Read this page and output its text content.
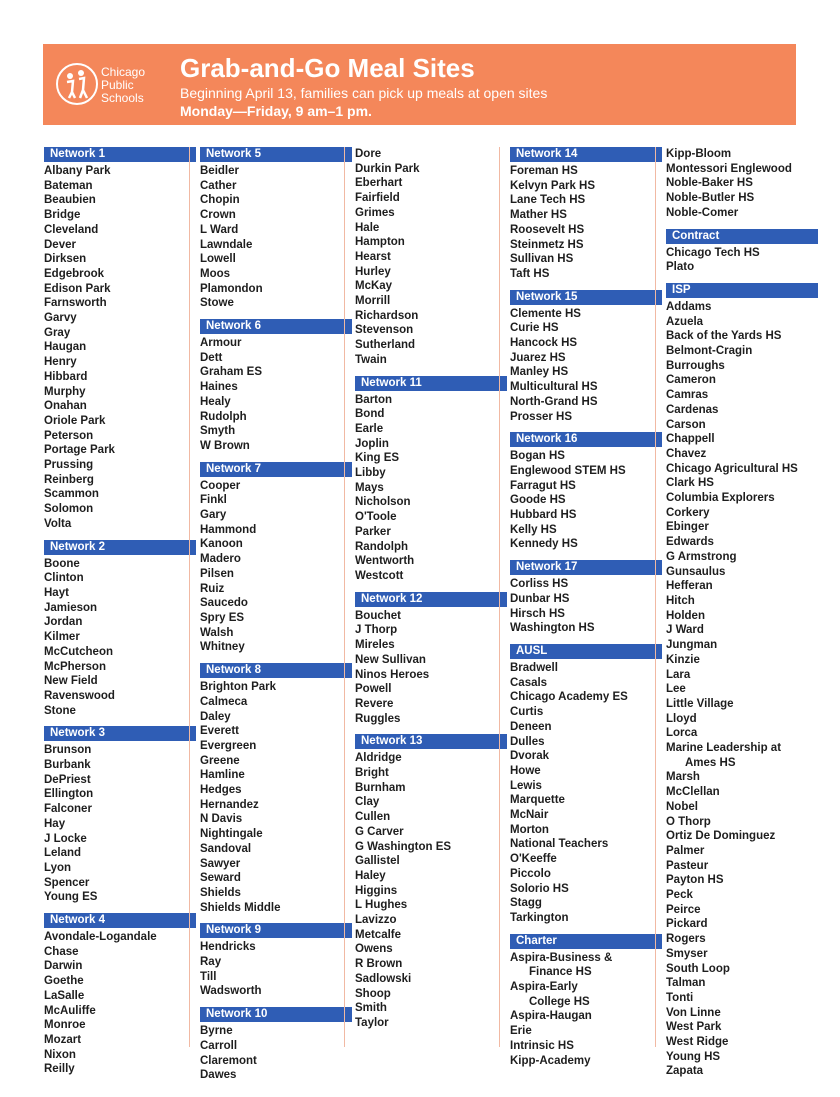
Chicago
Public
Schools
Grab-and-Go Meal Sites
Beginning April 13, families can pick up meals at open sites
Monday—Friday, 9 am–1 pm.
Network 1
Albany Park
Bateman
Beaubien
Bridge
Cleveland
Dever
Dirksen
Edgebrook
Edison Park
Farnsworth
Garvy
Gray
Haugan
Henry
Hibbard
Murphy
Onahan
Oriole Park
Peterson
Portage Park
Prussing
Reinberg
Scammon
Solomon
Volta
Network 2
Boone
Clinton
Hayt
Jamieson
Jordan
Kilmer
McCutcheon
McPherson
New Field
Ravenswood
Stone
Network 3
Brunson
Burbank
DePriest
Ellington
Falconer
Hay
J Locke
Leland
Lyon
Spencer
Young ES
Network 4
Avondale-Logandale
Chase
Darwin
Goethe
LaSalle
McAuliffe
Monroe
Mozart
Nixon
Reilly
Network 5
Beidler
Cather
Chopin
Crown
L Ward
Lawndale
Lowell
Moos
Plamondon
Stowe
Network 6
Armour
Dett
Graham ES
Haines
Healy
Rudolph
Smyth
W Brown
Network 7
Cooper
Finkl
Gary
Hammond
Kanoon
Madero
Pilsen
Ruiz
Saucedo
Spry ES
Walsh
Whitney
Network 8
Brighton Park
Calmeca
Daley
Everett
Evergreen
Greene
Hamline
Hedges
Hernandez
N Davis
Nightingale
Sandoval
Sawyer
Seward
Shields
Shields Middle
Network 9
Hendricks
Ray
Till
Wadsworth
Network 10
Byrne
Carroll
Claremont
Dawes
Dore
Durkin Park
Eberhart
Fairfield
Grimes
Hale
Hampton
Hearst
Hurley
McKay
Morrill
Richardson
Stevenson
Sutherland
Twain
Network 11
Barton
Bond
Earle
Joplin
King ES
Libby
Mays
Nicholson
O'Toole
Parker
Randolph
Wentworth
Westcott
Network 12
Bouchet
J Thorp
Mireles
New Sullivan
Ninos Heroes
Powell
Revere
Ruggles
Network 13
Aldridge
Bright
Burnham
Clay
Cullen
G Carver
G Washington ES
Gallistel
Haley
Higgins
L Hughes
Lavizzo
Metcalfe
Owens
R Brown
Sadlowski
Shoop
Smith
Taylor
Network 14
Foreman HS
Kelvyn Park HS
Lane Tech HS
Mather HS
Roosevelt HS
Steinmetz HS
Sullivan HS
Taft HS
Network 15
Clemente HS
Curie HS
Hancock HS
Juarez HS
Manley HS
Multicultural HS
North-Grand HS
Prosser HS
Network 16
Bogan HS
Englewood STEM HS
Farragut HS
Goode HS
Hubbard HS
Kelly HS
Kennedy HS
Network 17
Corliss HS
Dunbar HS
Hirsch HS
Washington HS
AUSL
Bradwell
Casals
Chicago Academy ES
Curtis
Deneen
Dulles
Dvorak
Howe
Lewis
Marquette
McNair
Morton
National Teachers
O'Keeffe
Piccolo
Solorio HS
Stagg
Tarkington
Charter
Aspira-Business &
Finance HS
Aspira-Early
College HS
Aspira-Haugan
Erie
Intrinsic HS
Kipp-Academy
Kipp-Bloom
Montessori Englewood
Noble-Baker HS
Noble-Butler HS
Noble-Comer
Contract
Chicago Tech HS
Plato
ISP
Addams
Azuela
Back of the Yards HS
Belmont-Cragin
Burroughs
Cameron
Camras
Cardenas
Carson
Chappell
Chavez
Chicago Agricultural HS
Clark HS
Columbia Explorers
Corkery
Ebinger
Edwards
G Armstrong
Gunsaulus
Hefferan
Hitch
Holden
J Ward
Jungman
Kinzie
Lara
Lee
Little Village
Lloyd
Lorca
Marine Leadership at
Ames HS
Marsh
McClellan
Nobel
O Thorp
Ortiz De Dominguez
Palmer
Pasteur
Payton HS
Peck
Peirce
Pickard
Rogers
Smyser
South Loop
Talman
Tonti
Von Linne
West Park
West Ridge
Young HS
Zapata
